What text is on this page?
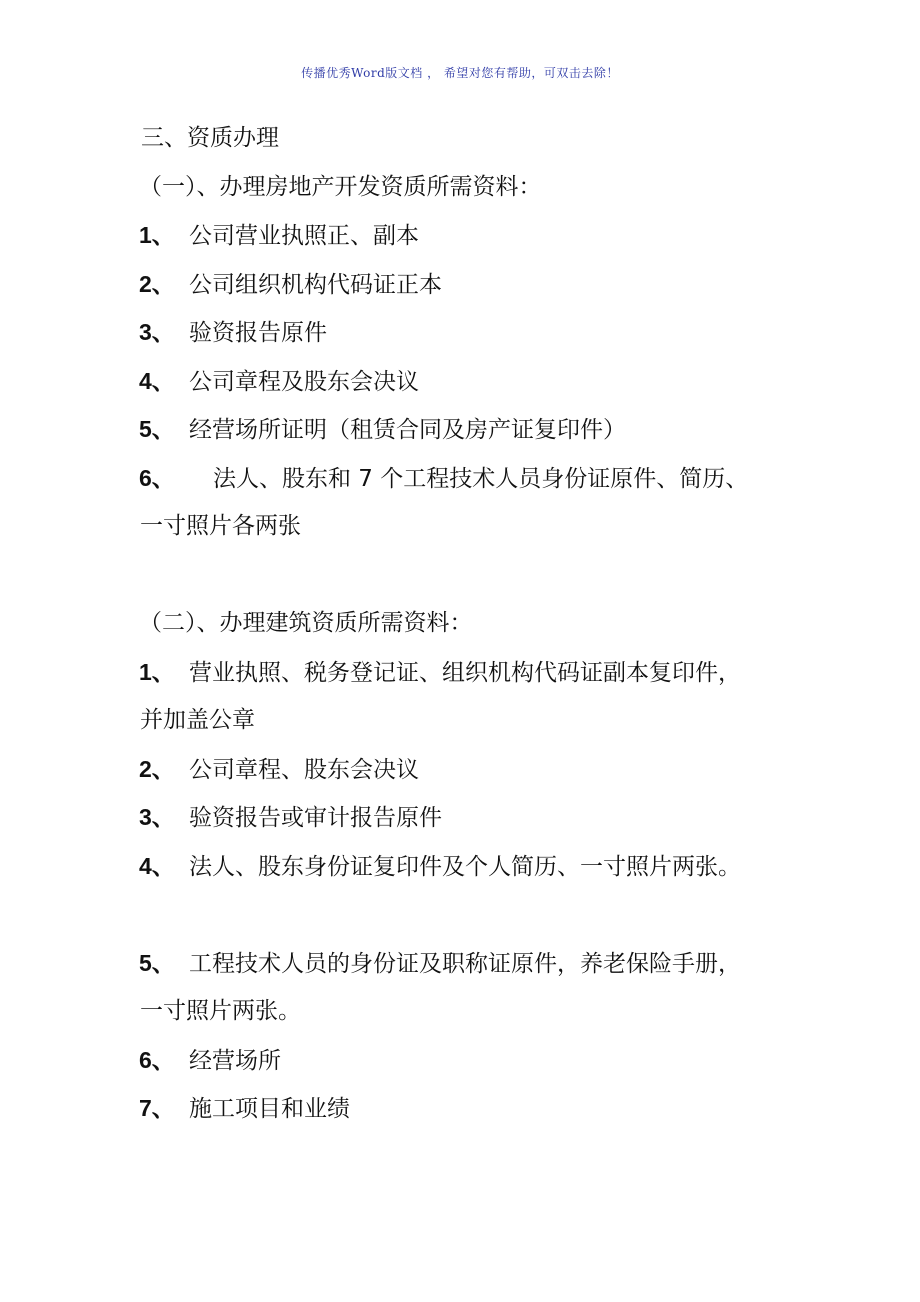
传播优秀Word版文档 ， 希望对您有帮助，可双击去除！
三、资质办理
（一）、办理房地产开发资质所需资料：
1、 公司营业执照正、副本
2、 公司组织机构代码证正本
3、 验资报告原件
4、 公司章程及股东会决议
5、 经营场所证明（租赁合同及房产证复印件）
6、 法人、股东和 7 个工程技术人员身份证原件、简历、
一寸照片各两张
（二）、办理建筑资质所需资料：
1、 营业执照、税务登记证、组织机构代码证副本复印件，
并加盖公章
2、 公司章程、股东会决议
3、 验资报告或审计报告原件
4、 法人、股东身份证复印件及个人简历、一寸照片两张。
5、 工程技术人员的身份证及职称证原件，养老保险手册，
一寸照片两张。
6、 经营场所
7、 施工项目和业绩
